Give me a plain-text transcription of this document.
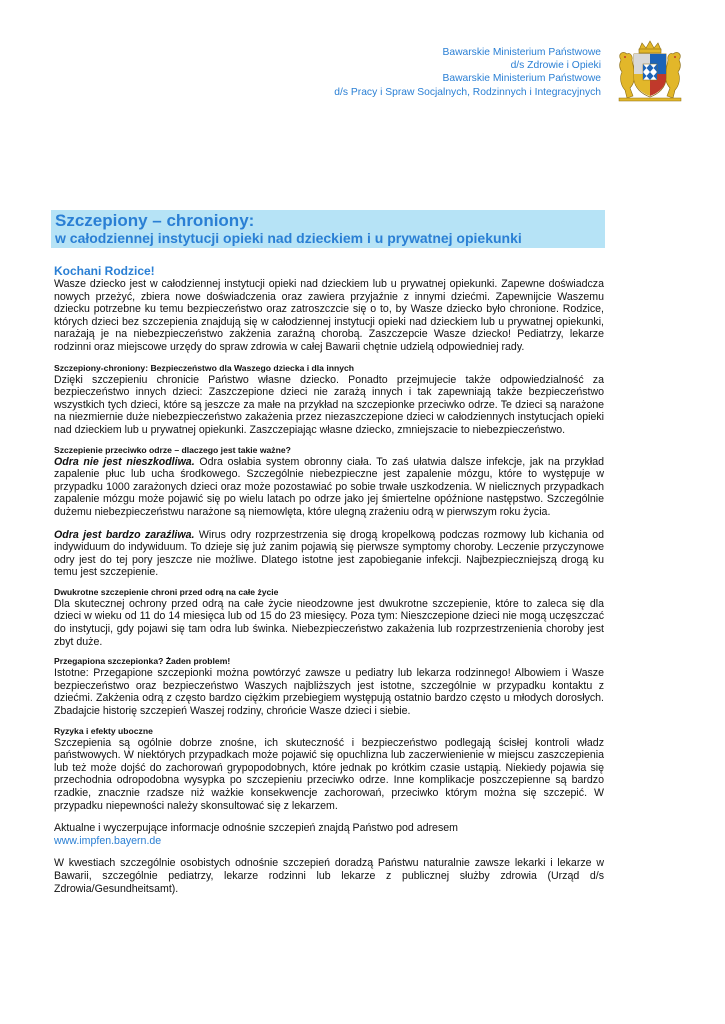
Bawarskie Ministerium Państwowe
d/s Zdrowie i Opieki
Bawarskie Ministerium Państwowe
d/s Pracy i Spraw Socjalnych, Rodzinnych i Integracyjnych
Szczepiony – chroniony:
w całodziennej instytucji opieki nad dzieckiem i u prywatnej opiekunki
Kochani Rodzice!

Wasze dziecko jest w całodziennej instytucji opieki nad dzieckiem lub u prywatnej opiekunki. Zapewne doświadcza nowych przeżyć, zbiera nowe doświadczenia oraz zawiera przyjaźnie z innymi dziećmi. Zapewnijcie Waszemu dziecku potrzebne ku temu bezpieczeństwo oraz zatroszczcie się o to, by Wasze dziecko było chronione. Rodzice, których dzieci bez szczepienia znajdują się w całodziennej instytucji opieki nad dzieckiem lub u prywatnej opiekunki, narażają je na niebezpieczeństwo zakżenia zaraźną chorobą. Zaszczepcie Wasze dziecko! Pediatrzy, lekarze rodzinni oraz miejscowe urzędy do spraw zdrowia w całej Bawarii chętnie udzielą odpowiedniej rady.

Szczepiony-chroniony: Bezpieczeństwo dla Waszego dziecka i dla innych

Dzięki szczepieniu chronicie Państwo własne dziecko. Ponadto przejmujecie także odpowiedzialność za bezpieczeństwo innych dzieci: Zaszczepione dzieci nie zarażą innych i tak zapewniają także bezpieczeństwo wszystkich tych dzieci, które są jeszcze za małe na przykład na szczepionke przeciwko odrze. Te dzieci są narażone na niezmiernie duże niebezpieczeństwo zakażenia przez niezaszczepione dzieci w całodziennych instytucjach opieki nad dzieckiem lub u prywatnej opiekunki. Zaszczepiając własne dziecko, zmniejszacie to niebezpieczeństwo.

Szczepienie przeciwko odrze – dlaczego jest takie ważne?

Odra nie jest nieszkodliwa. Odra osłabia system obronny ciała. To zaś ułatwia dalsze infekcje, jak na przykład zapalenie płuc lub ucha środkowego. Szczególnie niebezpieczne jest zapalenie mózgu, które to występuje w przypadku 1000 zarażonych dzieci oraz może pozostawiać po sobie trwałe uszkodzenia. W nielicznych przypadkach zapalenie mózgu może pojawić się po wielu latach po odrze jako jej śmiertelne opóźnione następstwo. Szczególnie dużemu niebezpieczeństwu narażone są niemowlęta, które ulegną zrażeniu odrą w pierwszym roku życia.

Odra jest bardzo zaraźliwa. Wirus odry rozprzestrzenia się drogą kropelkową podczas rozmowy lub kichania od indywiduum do indywiduum. To dzieje się już zanim pojawią się pierwsze symptomy choroby. Leczenie przyczynowe odry jest do tej pory jeszcze nie możliwe. Dlatego istotne jest zapobieganie infekcji. Najbezpieczniejszą drogą ku temu jest szczepienie.

Dwukrotne szczepienie chroni przed odrą na całe życie

Dla skutecznej ochrony przed odrą na całe życie nieodzowne jest dwukrotne szczepienie, które to zaleca się dla dzieci w wieku od 11 do 14 miesięca lub od 15 do 23 miesięcy. Poza tym: Nieszczepione dzieci nie mogą uczęszczać do instytucji, gdy pojawi się tam odra lub świnka. Niebezpieczeństwo zakażenia lub rozprzestrzenienia choroby jest zbyt duże.

Przegapiona szczepionka? Żaden problem!

Istotne: Przegapione szczepionki można powtórzyć zawsze u pediatry lub lekarza rodzinnego! Albowiem i Wasze bezpieczeństwo oraz bezpieczeństwo Waszych najbliższych jest istotne, szczególnie w przypadku kontaktu z dziećmi. Zakżenia odrą z często bardzo ciężkim przebiegiem występują ostatnio bardzo często u młodych dorosłych. Zbadajcie historię szczepień Waszej rodziny, chrońcie Wasze dzieci i siebie.

Ryzyka i efekty uboczne

Szczepienia są ogólnie dobrze znośne, ich skuteczność i bezpieczeństwo podlegają ścisłej kontroli władz państwowych. W niektórych przypadkach może pojawić się opuchlizna lub zaczerwienienie w miejscu zaszczepienia lub też może dojść do zachorowań grypopodobnych, które jednak po krótkim czasie ustąpią. Niekiedy pojawia się przechodnia odropodobna wysypka po szczepieniu przeciwko odrze. Inne komplikacje poszczepienne są bardzo rzadkie, znacznie rzadsze niż ważkie konsekwencje zachorowań, przeciwko którym można się szczepić. W przypadku niepewności należy skonsultować się z lekarzem.

Aktualne i wyczerpujące informacje odnośnie szczepień znajdą Państwo pod adresem

www.impfen.bayern.de

W kwestiach szczególnie osobistych odnośnie szczepień doradzą Państwu naturalnie zawsze lekarki i lekarze w Bawarii, szczególnie pediatrzy, lekarze rodzinni lub lekarze z publicznej służby zdrowia (Urząd d/s Zdrowia/Gesundheitsamt).
